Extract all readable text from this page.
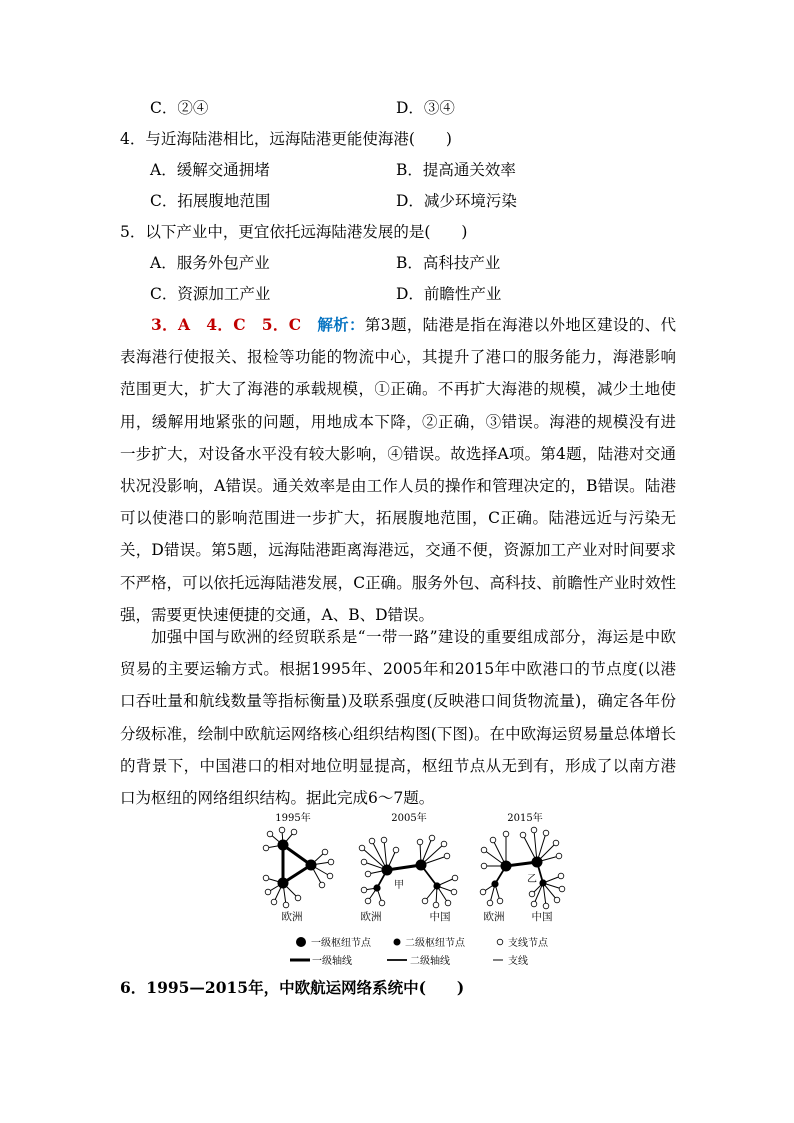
C．②④	D．③④
4．与近海陆港相比，远海陆港更能使海港(　　)
A．缓解交通拥堵	B．提高通关效率
C．拓展腹地范围	D．减少环境污染
5．以下产业中，更宜依托远海陆港发展的是(　　)
A．服务外包产业	B．高科技产业
C．资源加工产业	D．前瞻性产业
3．A　4．C　5．C　解析：第3题，陆港是指在海港以外地区建设的、代表海港行使报关、报检等功能的物流中心，其提升了港口的服务能力，海港影响范围更大，扩大了海港的承载规模，①正确。不再扩大海港的规模，减少土地使用，缓解用地紧张的问题，用地成本下降，②正确，③错误。海港的规模没有进一步扩大，对设备水平没有较大影响，④错误。故选择A项。第4题，陆港对交通状况没影响，A错误。通关效率是由工作人员的操作和管理决定的，B错误。陆港可以使港口的影响范围进一步扩大，拓展腹地范围，C正确。陆港远近与污染无关，D错误。第5题，远海陆港距离海港远，交通不便，资源加工产业对时间要求不严格，可以依托远海陆港发展，C正确。服务外包、高科技、前瞻性产业时效性强，需要更快速便捷的交通，A、B、D错误。
加强中国与欧洲的经贸联系是“一带一路”建设的重要组成部分，海运是中欧贸易的主要运输方式。根据1995年、2005年和2015年中欧港口的节点度(以港口吞吐量和航线数量等指标衡量)及联系强度(反映港口间货物流量)，确定各年份分级标准，绘制中欧航运网络核心组织结构图(下图)。在中欧海运贸易量总体增长的背景下，中国港口的相对地位明显提高，枢纽节点从无到有，形成了以南方港口为枢纽的网络组织结构。据此完成6～7题。
1995年
欧洲
2005年
甲
欧洲	中国
2015年
乙
欧洲	中国
一级枢纽节点	二级枢纽节点	支线节点
一级轴线	二级轴线	支线
6．1995—2015年，中欧航运网络系统中(　　)
